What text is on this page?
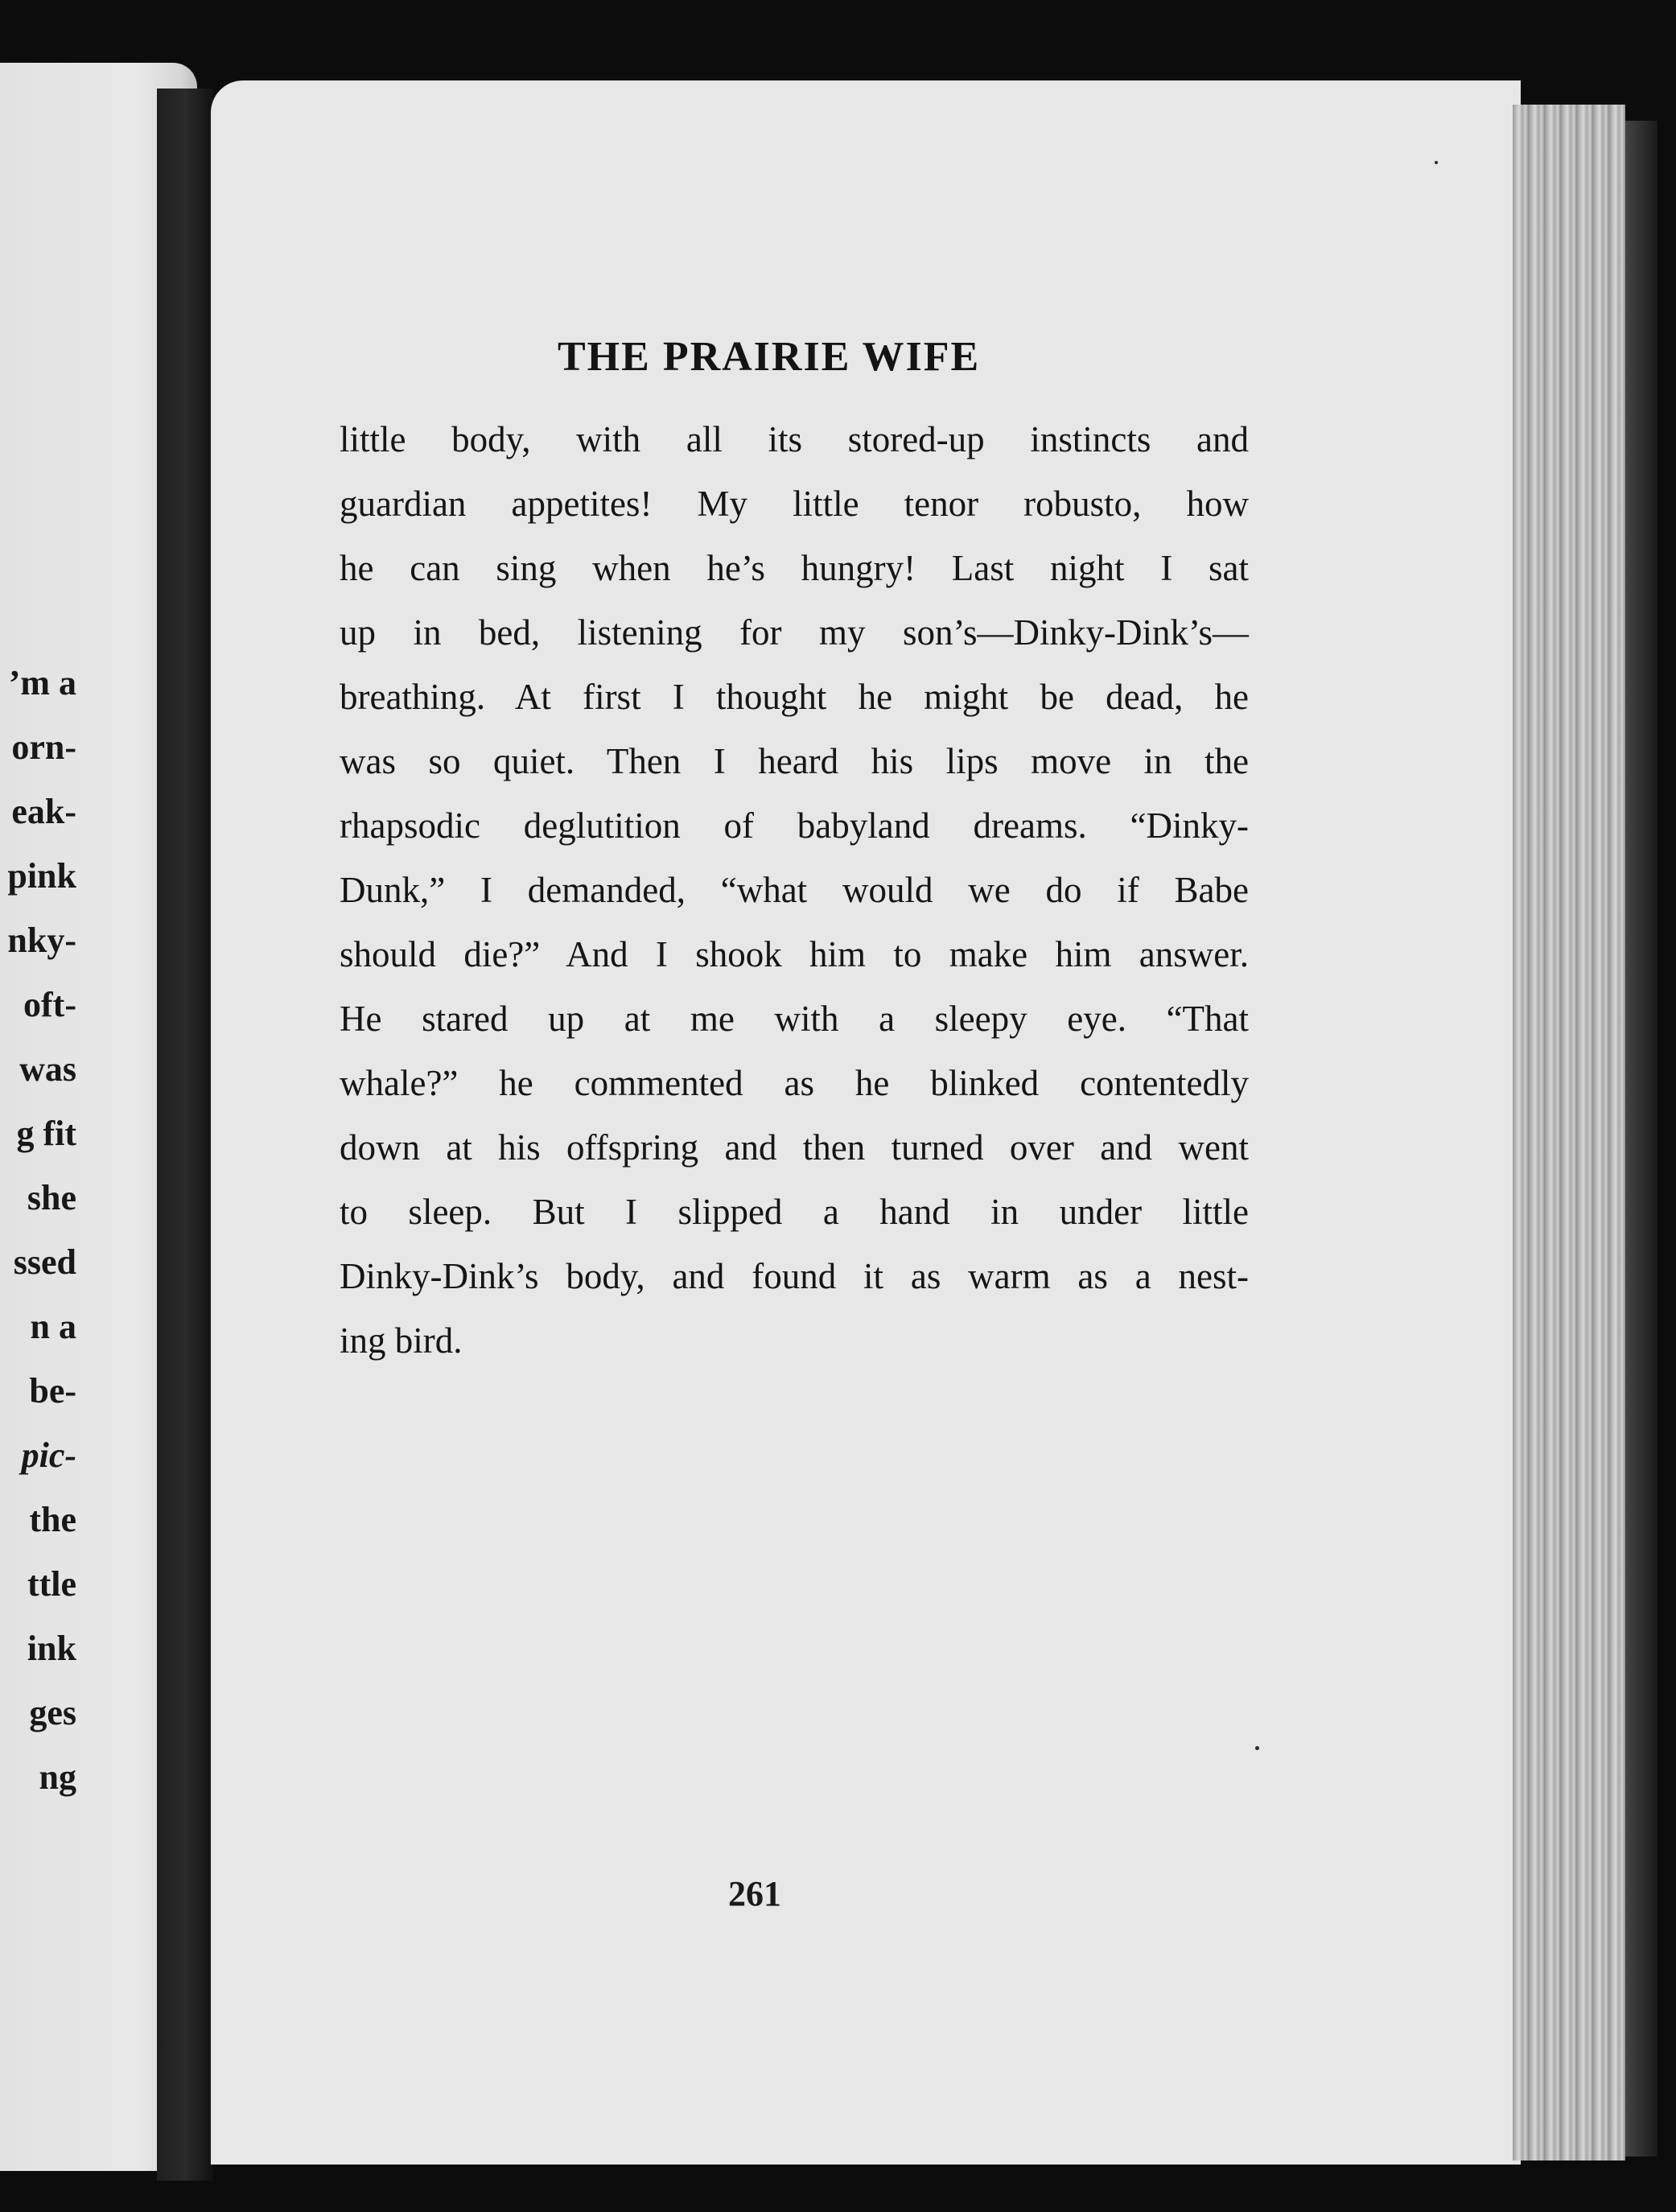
’m a
orn-
eak-
pink
nky-
oft-
was
g fit
she
ssed
n a
be-
pic-
the
ttle
ink
ges
ng
THE PRAIRIE WIFE
little body, with all its stored-up instincts and
guardian appetites! My little tenor robusto, how
he can sing when he’s hungry! Last night I sat
up in bed, listening for my son’s—Dinky-Dink’s—
breathing. At first I thought he might be dead, he
was so quiet. Then I heard his lips move in the
rhapsodic deglutition of babyland dreams. “Dinky-
Dunk,” I demanded, “what would we do if Babe
should die?” And I shook him to make him answer.
He stared up at me with a sleepy eye. “That
whale?” he commented as he blinked contentedly
down at his offspring and then turned over and went
to sleep. But I slipped a hand in under little
Dinky-Dink’s body, and found it as warm as a nest-
ing bird.
261
